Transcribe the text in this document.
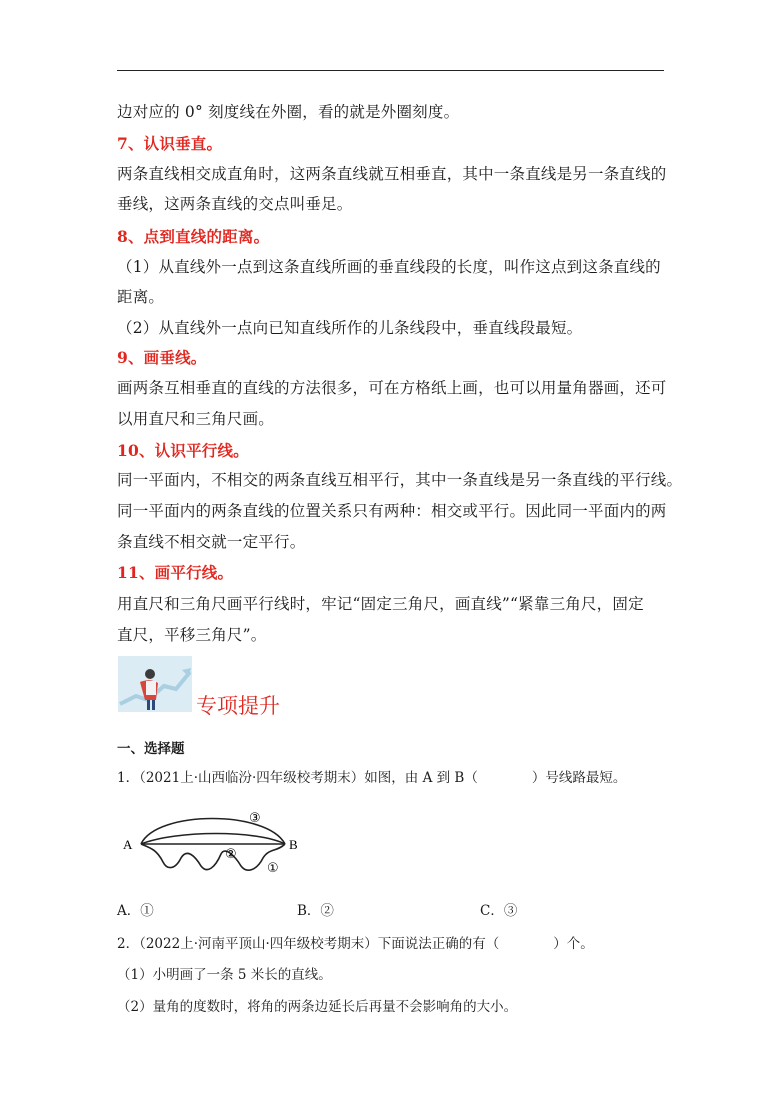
边对应的 0° 刻度线在外圈，看的就是外圈刻度。
7、认识垂直。
两条直线相交成直角时，这两条直线就互相垂直，其中一条直线是另一条直线的
垂线，这两条直线的交点叫垂足。
8、点到直线的距离。
（1）从直线外一点到这条直线所画的垂直线段的长度，叫作这点到这条直线的
距离。
（2）从直线外一点向已知直线所作的儿条线段中，垂直线段最短。
9、画垂线。
画两条互相垂直的直线的方法很多，可在方格纸上画，也可以用量角器画，还可
以用直尺和三角尺画。
10、认识平行线。
同一平面内，不相交的两条直线互相平行，其中一条直线是另一条直线的平行线。
同一平面内的两条直线的位置关系只有两种：相交或平行。因此同一平面内的两
条直线不相交就一定平行。
11、画平行线。
用直尺和三角尺画平行线时，牢记“固定三角尺，画直线”“紧靠三角尺，固定
直尺，平移三角尺”。
专项提升
一、选择题
1．（2021上·山西临汾·四年级校考期末）如图，由 A 到 B（　　　　）号线路最短。
A	B
③
②
①
A．①	B．②	C．③
2．（2022上·河南平顶山·四年级校考期末）下面说法正确的有（　　　　）个。
（1）小明画了一条 5 米长的直线。
（2）量角的度数时，将角的两条边延长后再量不会影响角的大小。
